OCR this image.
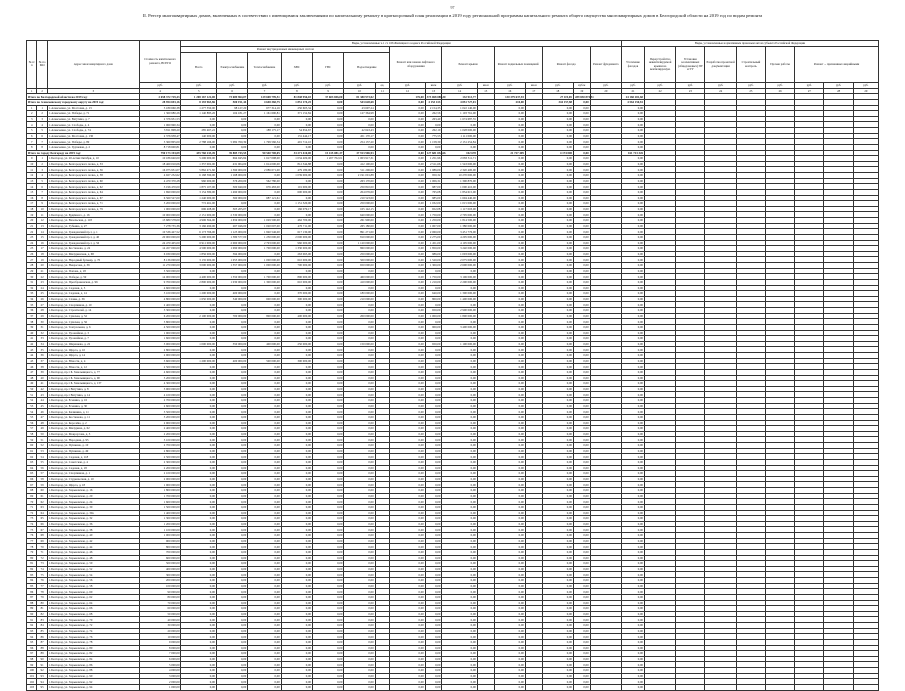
97
II. Реестр многоквартирных домов, включенных в соответствии с имеющимися заключениями по капитальному ремонту в краткосрочный план реализации в 2019 году региональной программы капитального ремонта общего имущества многоквартирных домов в Белгородской области на 2019 год по видам ремонта
№ п/п	№ по МО	Адрес многоквартирного дома	Стоимость капитального ремонта, ВСЕГО	Виды, установленные ч.1 ст. 166 Жилищного кодекса Российской Федерации																Виды, установленные нормативным правовым актом субъекта Российской Федерации								
				Ремонт внутридомовых инженерных систем							Ремонт или замена лифтового оборудования		Ремонт крыши		Ремонт подвальных помещений		Ремонт фасада		Ремонт фундамента	Утепление фасадов	Переустройство невентилируемой крыши на вентилируемую	Установка коллективных (общедомовых) ПУ и УУ	Разработка проектной документации	Строительный контроль	Прочие работы	Ремонт ... признанных аварийными		
				Всего	Электроснабжение	Теплоснабжение	ХВС	ГВС	Водоотведение																			
			руб.	руб.	руб.	руб.	руб.	руб.	руб.	ед.	руб.	кв.м	руб.	кв.м	руб.	кв.м	руб.	куб.м	руб.	руб.	руб.	руб.	руб.	руб.	руб.	руб.	руб.	руб.
1	2	3	4	5	6	7	8	9	10	11	12	13	14	15	16	17	18	19	20	21	22	23	24	25	26	27	28	29
Итого по Белгородской области на 2019 год:			2 658 372 729,43	1 208 167 122,00	73 689 964,07	129 608 799,51	81 848 956,03	37 603 696,00	81 380 973,02		176,00	373 068 088,30	132 913,77		130 379 637,93		27 119,69	289 830 874,51		24 160 281,60								
Итого по Алексеевскому городскому округу на 2019 год:			28 954 693,16	8 193 963,86	500 191,44	4 648 360,75	1 851 174,25	0,00	543 628,68		0,00	4 153 413	4 851 727,01		210,00		344 157,88	0,00		4 564 150,81								
1	1	г. Алексеевка, ул. Мостовая, д. 13	5 189 660,38	1 277 350,00	98 127,20	677 314,16	250 605,34	0,00	43 697,24		0,00	2 154,35	1 022 140,00		0,00		0,00	0,00		0,00								
2	2	г. Алексеевка, ул. Победы, д. 71	1 360 680,26	1 140 883,26	104 181,27	1 161 690,81	371 152,84	0,00	127 364,98		0,00	262,56	1 103 761,00		0,00		0,00	0,00		0,00								
3	3	г. Алексеевка, ул. Ватутина, д. 7	2 376 951,53	0,00	0,00	0,00	0,00	0,00	0,00		0,00	263,40	1 674 687,55		0,00		0,00	0,00		0,00								
4	4	г. Алексеевка, ул. Слободы, д. 4	1 060 990,34	0,00	0,00	0,00	0,00	0,00	0,00		0,00	0,00	0,00		0,00		0,00	0,00		0,00								
5	5	г. Алексеевка, ул. Слободы, д. 74	3 811 808,20	285 467,22	0,00	188 175,17	54 654,67	0,00	42 643,43		0,00	262,10	1 028 000,00		0,00		0,00	0,00		0,00								
6	6	г. Алексеевка, ул. Мостовая, д. 130	2 376 958,47	140 000,00	0,00	0,00	131 444,17	0,00	451 170,17		0,00	775,53	1 111 000,00		0,00		0,00	0,00		0,00								
7	7	г. Алексеевка, ул. Победы, д. 89	5 360 805,00	2 788 166,00	5 082 760,39	1 799 560,54	491 712,10	0,00	254 137,20		0,00	1 158,30	2 131 254,84		0,00		0,00	0,00		0,00								
8	8	г. Алексеевка, ул. Грушевая, д. 2	8 718 600,81	0,00	0,00	0,00	0,00	0,00	0,00		0,00	0,00	0,00		0,00		0,00	0,00		0,00								
Итого по городу Белгороду на 2019 год:			790 173 193,09	435 760 233,49	39 885 743,55	90 540 700,05	33 271 410,00	15 415 081,37	37 913 906,93		0,00	127 681 032,66	102 678		21 727 409		4 174 000	0,00		161 713 326								
9	1	г. Белгород, ул. 20-летия Октября, д. 10	10 186 640,00	5 206 000,00	694 945,84	1 617 098,00	1 034 409,00	1 207 702,01	1 003 917,31		0,00	1 251,96	2 083 511,71		0,00		0,00	0,00		0,00								
10	2	г. Белгород, ул. Белгородского полка, д. 33	18 460 010,06	1 357 002,00	431 904,00	1 614 000,00	812 344,88	0,00	412 100,00		0,00	2 511,66	1 543 000,00		0,00		0,00	0,00		0,00								
11	3	г. Белгород, ул. Белгородского полка, д. 56	16 075 951,07	5 862 471,60	1 390 000,00	2 086 671,00	479 180,00	0,00	511 206,00		0,00	1 086,00	2 320 400,00		0,00		0,00	0,00		0,00								
12	4	г. Белгород, ул. Белгородского полка, д. 58	4 927 252,62	6 168 590,00	1 168 000,00	0,00	1 039 000,00	0,00	2 191 001,88		0,00	950,32	10 270 000,00		0,00		0,00	0,00		0,00								
13	5	г. Белгород, ул. Белгородского полка, д. 60	4 470 370,28	960 000,00	576 200,00	562 780,00	0,00	0,00	263 170,00		0,00	1 006,31	1 300 870,00		0,00		0,00	0,00		0,00								
14	6	г. Белгород, ул. Белгородского полка, д. 62	3 196 470,00	1 875 107,00	500 940,00	676 483,00	101 000,00	0,00	250 810,00		0,00	987,00	1 000 410,00		0,00		0,00	0,00		0,00								
15	7	г. Белгород, ул. Белгородского полка, д. 64	1 690 000,00	3 154 580,00	1 490 000,00	0,00	600 000,00	0,00	204 076,00		0,00	765,08	1 854 615,00		0,00		0,00	0,00		0,00								
16	8	г. Белгород, ул. Белгородского полка, д. 67	6 560 527,00	1 240 000,00	560 000,00	687 121,61	0,00	0,00	210 523,00		0,00	985,00	1 604 440,00		0,00		0,00	0,00		0,00								
17	9	г. Белгород, ул. Белгородского полка, д. 71	3 200 000,00	772 461,00	0,00	0,00	1 151 320,00	0,00	250 000,00		0,00	1 032,00	1 015 000,00		0,00		0,00	0,00		0,00								
18	10	г. Белгород, ул. Белгородского полка, д. 79	1 000 000,00	696 408,00	305 205,07	0,00	166 079,17	0,00	105 142,15		0,00	652,08	1 117 003,00		0,00		0,00	0,00		0,00								
19	11	г. Белгород, ул. Будённого, д. 16	10 000 000,00	2 151 000,00	2 530 000,00	0,00	0,00	0,00	640 000,00		0,00	1 750,00	2 705 000,00		0,00		0,00	0,00		0,00								
20	12	г. Белгород, ул. Везельская, д. 118	13 680 578,00	4 906 564,00	1 659 000,00	1 029 500,00	462 700,00	0,00	261 900,00		0,00	1 250,00	1 814 500,00		0,00		0,00	0,00		0,00								
21	13	г. Белгород, ул. Губкина, д. 27	7 278 755,36	3 166 490,00	267 046,00	1 020 007,00	470 711,00	0,00	265 180,00		0,00	1 007,00	1 380 000,00		0,00		0,00	0,00		0,00								
22	14	г. Белгород, ул. Гражданский пр-т, д. 1	10 536 427,52	6 173 766,00	1 125 000,00	1 840 546,00	617 130,00	0,00	891 271,00		0,00	2 060,00	3 451 776,00		0,00		0,00	0,00		0,00								
23	15	г. Белгород, ул. Гражданский пр-т, д. 40	20 000 000,00	5 290 000,00	1 580 577,00	1 230 000,00	2 000 000,00	0,00	810 000,00		0,00	2 275,00	4 205 000,00		0,00		0,00	0,00		0,00								
24	16	г. Белгород, ул. Гражданский пр-т, д. 56	24 470 405,00	6 911 000,00	2 060 000,00	2 793 000,00	960 000,00	0,00	1 120 000,00		0,00	1 451,00	4 105 000,00		0,00		0,00	0,00		0,00								
25	17	г. Белгород, ул. Костюкова, д. 24	14 457 000,00	4 500 000,00	1 090 000,00	1 700 000,00	1 330 000,00	0,00	860 000,00		0,00	1 850,00	3 240 000,00		0,00		0,00	0,00		0,00								
26	18	г. Белгород, ул. Мичуринская, д. 68	6 030 000,00	1 856 000,00	594 000,00	0,00	263 065,00	0,00	250 000,00		0,00	986,00	1 003 000,00		0,00		0,00	0,00		0,00								
27	19	г. Белгород, ул. Народный бульвар, д. 70	8 136 000,00	3 135 000,00	1 055 000,00	1 000 000,00	610 000,00	0,00	500 000,00		0,00	1 520,00	2 075 000,00		0,00		0,00	0,00		0,00								
28	20	г. Белгород, ул. Некрасова, д. 36	11 270 000,00	3 000 000,00	1 357 000,00	1 000 000,00	700 000,00	0,00	650 000,00		0,00	1 300,00	2 600 000,00		0,00		0,00	0,00		0,00								
29	21	г. Белгород, ул. Попова, д. 18	5 500 000,00	0,00	0,00	0,00	0,00	0,00	0,00		0,00	0,00	0,00		0,00		0,00	0,00		0,00								
30	22	г. Белгород, ул. Победы, д. 59	14 000 000,00	4 400 000,00	1 350 000,00	1 700 000,00	890 000,00	0,00	460 000,00		0,00	1 750,00	3 106 000,00		0,00		0,00	0,00		0,00								
31	23	г. Белгород, ул. Преображенская, д. 96	9 700 000,00	2 800 000,00	1 030 000,00	1 300 000,00	610 000,00	0,00	410 000,00		0,00	1 210,00	2 200 000,00		0,00		0,00	0,00		0,00								
32	24	г. Белгород, ул. Садовая, д. 5	4 600 000,00	0,00	0,00	0,00	0,00	0,00	0,00		0,00	0,00	0,00		0,00		0,00	0,00		0,00								
33	25	г. Белгород, ул. Садовая, д. 14	3 100 000,00	1 200 000,00	400 000,00	0,00	370 000,00	0,00	180 000,00		0,00	640,00	1 300 000,00		0,00		0,00	0,00		0,00								
34	26	г. Белгород, ул. Славы, д. 36	4 800 000,00	1 650 000,00	540 000,00	600 000,00	300 000,00	0,00	210 000,00		0,00	800,00	1 400 000,00		0,00		0,00	0,00		0,00								
35	27	г. Белгород, ул. Спортивная, д. 10	2 400 000,00	0,00	0,00	0,00	0,00	0,00	0,00		0,00	0,00	0,00		0,00		0,00	0,00		0,00								
36	28	г. Белгород, ул. Строителей, д. 14	3 300 000,00	0,00	0,00	0,00	0,00	0,00	0,00		0,00	650,00	2 900 000,00		0,00		0,00	0,00		0,00								
37	29	г. Белгород, ул. Сумская, д. 52	6 200 000,00	2 100 000,00	700 000,00	800 000,00	400 000,00	0,00	200 000,00		0,00	1 000,00	1 800 000,00		0,00		0,00	0,00		0,00								
38	30	г. Белгород, ул. Сумская, д. 56	5 800 000,00	0,00	0,00	0,00	0,00	0,00	0,00		0,00	0,00	0,00		0,00		0,00	0,00		0,00								
39	31	г. Белгород, ул. Театральная, д. 6	4 500 000,00	0,00	0,00	0,00	0,00	0,00	0,00		0,00	900,00	3 400 000,00		0,00		0,00	0,00		0,00								
40	32	г. Белгород, ул. Урожайная, д. 3	1 900 000,00	0,00	0,00	0,00	0,00	0,00	0,00		0,00	0,00	0,00		0,00		0,00	0,00		0,00								
41	33	г. Белгород, ул. Урожайная, д. 7	1 600 000,00	0,00	0,00	0,00	0,00	0,00	0,00		0,00	0,00	0,00		0,00		0,00	0,00		0,00								
42	34	г. Белгород, ул. Шершнева, д. 22	3 000 000,00	1 000 000,00	350 000,00	400 000,00	250 000,00	0,00	150 000,00		0,00	650,00	1 100 000,00		0,00		0,00	0,00		0,00								
43	35	г. Белгород, ул. Щорса, д. 10	2 800 000,00	0,00	0,00	0,00	0,00	0,00	0,00		0,00	0,00	0,00		0,00		0,00	0,00		0,00								
44	36	г. Белгород, ул. Щорса, д. 14	2 900 000,00	0,00	0,00	0,00	0,00	0,00	0,00		0,00	0,00	0,00		0,00		0,00	0,00		0,00								
45	37	г. Белгород, ул. Юности, д. 4	3 600 000,00	1 200 000,00	400 000,00	500 000,00	300 000,00	0,00	0,00		0,00	0,00	0,00		0,00		0,00	0,00		0,00								
46	38	г. Белгород, ул. Юности, д. 12	2 500 000,00	0,00	0,00	0,00	0,00	0,00	0,00		0,00	0,00	0,00		0,00		0,00	0,00		0,00								
47	39	г. Белгород, пр-т Б. Хмельницкого, д. 77	4 600 000,00	0,00	0,00	0,00	0,00	0,00	0,00		0,00	0,00	0,00		0,00		0,00	0,00		0,00								
48	40	г. Белгород, пр-т Б. Хмельницкого, д. 90	5 200 000,00	0,00	0,00	0,00	0,00	0,00	0,00		0,00	0,00	0,00		0,00		0,00	0,00		0,00								
49	41	г. Белгород, пр-т Б. Хмельницкого, д. 137	4 300 000,00	0,00	0,00	0,00	0,00	0,00	0,00		0,00	0,00	0,00		0,00		0,00	0,00		0,00								
50	42	г. Белгород, пр-т Ватутина, д. 8	3 900 000,00	0,00	0,00	0,00	0,00	0,00	0,00		0,00	0,00	0,00		0,00		0,00	0,00		0,00								
51	43	г. Белгород, пр-т Ватутина, д. 14	4 100 000,00	0,00	0,00	0,00	0,00	0,00	0,00		0,00	0,00	0,00		0,00		0,00	0,00		0,00								
52	44	г. Белгород, ул. Есенина, д. 16	2 700 000,00	0,00	0,00	0,00	0,00	0,00	0,00		0,00	0,00	0,00		0,00		0,00	0,00		0,00								
53	45	г. Белгород, ул. Есенина, д. 30	2 600 000,00	0,00	0,00	0,00	0,00	0,00	0,00		0,00	0,00	0,00		0,00		0,00	0,00		0,00								
54	46	г. Белгород, ул. Калинина, д. 11	3 500 000,00	0,00	0,00	0,00	0,00	0,00	0,00		0,00	0,00	0,00		0,00		0,00	0,00		0,00								
55	47	г. Белгород, ул. Костюкова, д. 11	3 200 000,00	0,00	0,00	0,00	0,00	0,00	0,00		0,00	0,00	0,00		0,00		0,00	0,00		0,00								
56	48	г. Белгород, ул. Королёва, д. 2	2 900 000,00	0,00	0,00	0,00	0,00	0,00	0,00		0,00	0,00	0,00		0,00		0,00	0,00		0,00								
57	49	г. Белгород, ул. Мичурина, д. 62	2 400 000,00	0,00	0,00	0,00	0,00	0,00	0,00		0,00	0,00	0,00		0,00		0,00	0,00		0,00								
58	50	г. Белгород, ул. Мокроусова, д. 3	2 200 000,00	0,00	0,00	0,00	0,00	0,00	0,00		0,00	0,00	0,00		0,00		0,00	0,00		0,00								
59	51	г. Белгород, ул. Народная, д. 95	3 100 000,00	0,00	0,00	0,00	0,00	0,00	0,00		0,00	0,00	0,00		0,00		0,00	0,00		0,00								
60	52	г. Белгород, ул. Пушкина, д. 10	2 700 000,00	0,00	0,00	0,00	0,00	0,00	0,00		0,00	0,00	0,00		0,00		0,00	0,00		0,00								
61	53	г. Белгород, ул. Пушкина, д. 49	2 800 000,00	0,00	0,00	0,00	0,00	0,00	0,00		0,00	0,00	0,00		0,00		0,00	0,00		0,00								
62	54	г. Белгород, ул. Садовая, д. 118	2 500 000,00	0,00	0,00	0,00	0,00	0,00	0,00		0,00	0,00	0,00		0,00		0,00	0,00		0,00								
63	55	г. Белгород, ул. Советская, д. 4	2 300 000,00	0,00	0,00	0,00	0,00	0,00	0,00		0,00	0,00	0,00		0,00		0,00	0,00		0,00								
64	56	г. Белгород, ул. Садовая, д. 18	2 200 000,00	0,00	0,00	0,00	0,00	0,00	0,00		0,00	0,00	0,00		0,00		0,00	0,00		0,00								
65	57	г. Белгород, ул. Спортивная, д. 1	2 100 000,00	0,00	0,00	0,00	0,00	0,00	0,00		0,00	0,00	0,00		0,00		0,00	0,00		0,00								
66	58	г. Белгород, ул. Студенческая, д. 10	2 000 000,00	0,00	0,00	0,00	0,00	0,00	0,00		0,00	0,00	0,00		0,00		0,00	0,00		0,00								
67	59	г. Белгород, ул. Щорса, д. 18	1 900 000,00	0,00	0,00	0,00	0,00	0,00	0,00		0,00	0,00	0,00		0,00		0,00	0,00		0,00								
68	60	г. Белгород, ул. Харьковская, д. 16	1 800 000,00	0,00	0,00	0,00	0,00	0,00	0,00		0,00	0,00	0,00		0,00		0,00	0,00		0,00								
69	61	г. Белгород, ул. Харьковская, д. 20	1 700 000,00	0,00	0,00	0,00	0,00	0,00	0,00		0,00	0,00	0,00		0,00		0,00	0,00		0,00								
70	62	г. Белгород, ул. Харьковская, д. 24	1 600 000,00	0,00	0,00	0,00	0,00	0,00	0,00		0,00	0,00	0,00		0,00		0,00	0,00		0,00								
71	63	г. Белгород, ул. Харьковская, д. 30	1 500 000,00	0,00	0,00	0,00	0,00	0,00	0,00		0,00	0,00	0,00		0,00		0,00	0,00		0,00								
72	64	г. Белгород, ул. Харьковская, д. 30а	1 400 000,00	0,00	0,00	0,00	0,00	0,00	0,00		0,00	0,00	0,00		0,00		0,00	0,00		0,00								
73	65	г. Белгород, ул. Харьковская, д. 32	1 300 000,00	0,00	0,00	0,00	0,00	0,00	0,00		0,00	0,00	0,00		0,00		0,00	0,00		0,00								
74	66	г. Белгород, ул. Харьковская, д. 36	1 200 000,00	0,00	0,00	0,00	0,00	0,00	0,00		0,00	0,00	0,00		0,00		0,00	0,00		0,00								
75	67	г. Белгород, ул. Харьковская, д. 38	1 100 000,00	0,00	0,00	0,00	0,00	0,00	0,00		0,00	0,00	0,00		0,00		0,00	0,00		0,00								
76	68	г. Белгород, ул. Харьковская, д. 40	1 000 000,00	0,00	0,00	0,00	0,00	0,00	0,00		0,00	0,00	0,00		0,00		0,00	0,00		0,00								
77	69	г. Белгород, ул. Харьковская, д. 42	900 000,00	0,00	0,00	0,00	0,00	0,00	0,00		0,00	0,00	0,00		0,00		0,00	0,00		0,00								
78	70	г. Белгород, ул. Харьковская, д. 44	800 000,00	0,00	0,00	0,00	0,00	0,00	0,00		0,00	0,00	0,00		0,00		0,00	0,00		0,00								
79	71	г. Белгород, ул. Харьковская, д. 46	700 000,00	0,00	0,00	0,00	0,00	0,00	0,00		0,00	0,00	0,00		0,00		0,00	0,00		0,00								
80	72	г. Белгород, ул. Харьковская, д. 48	600 000,00	0,00	0,00	0,00	0,00	0,00	0,00		0,00	0,00	0,00		0,00		0,00	0,00		0,00								
81	73	г. Белгород, ул. Харьковская, д. 50	500 000,00	0,00	0,00	0,00	0,00	0,00	0,00		0,00	0,00	0,00		0,00		0,00	0,00		0,00								
82	74	г. Белгород, ул. Харьковская, д. 52	400 000,00	0,00	0,00	0,00	0,00	0,00	0,00		0,00	0,00	0,00		0,00		0,00	0,00		0,00								
83	75	г. Белгород, ул. Харьковская, д. 54	300 000,00	0,00	0,00	0,00	0,00	0,00	0,00		0,00	0,00	0,00		0,00		0,00	0,00		0,00								
84	76	г. Белгород, ул. Харьковская, д. 56	200 000,00	0,00	0,00	0,00	0,00	0,00	0,00		0,00	0,00	0,00		0,00		0,00	0,00		0,00								
85	77	г. Белгород, ул. Харьковская, д. 58	100 000,00	0,00	0,00	0,00	0,00	0,00	0,00		0,00	0,00	0,00		0,00		0,00	0,00		0,00								
86	78	г. Белгород, ул. Харьковская, д. 60	90 000,00	0,00	0,00	0,00	0,00	0,00	0,00		0,00	0,00	0,00		0,00		0,00	0,00		0,00								
87	79	г. Белгород, ул. Харьковская, д. 62	80 000,00	0,00	0,00	0,00	0,00	0,00	0,00		0,00	0,00	0,00		0,00		0,00	0,00		0,00								
88	80	г. Белгород, ул. Харьковская, д. 64	70 000,00	0,00	0,00	0,00	0,00	0,00	0,00		0,00	0,00	0,00		0,00		0,00	0,00		0,00								
89	81	г. Белгород, ул. Харьковская, д. 66	60 000,00	0,00	0,00	0,00	0,00	0,00	0,00		0,00	0,00	0,00		0,00		0,00	0,00		0,00								
90	82	г. Белгород, ул. Харьковская, д. 68	50 000,00	0,00	0,00	0,00	0,00	0,00	0,00		0,00	0,00	0,00		0,00		0,00	0,00		0,00								
91	83	г. Белгород, ул. Харьковская, д. 70	40 000,00	0,00	0,00	0,00	0,00	0,00	0,00		0,00	0,00	0,00		0,00		0,00	0,00		0,00								
92	84	г. Белгород, ул. Харьковская, д. 72	30 000,00	0,00	0,00	0,00	0,00	0,00	0,00		0,00	0,00	0,00		0,00		0,00	0,00		0,00								
93	85	г. Белгород, ул. Харьковская, д. 74	20 000,00	0,00	0,00	0,00	0,00	0,00	0,00		0,00	0,00	0,00		0,00		0,00	0,00		0,00								
94	86	г. Белгород, ул. Харьковская, д. 76	10 000,00	0,00	0,00	0,00	0,00	0,00	0,00		0,00	0,00	0,00		0,00		0,00	0,00		0,00								
95	87	г. Белгород, ул. Харьковская, д. 78	9 000,00	0,00	0,00	0,00	0,00	0,00	0,00		0,00	0,00	0,00		0,00		0,00	0,00		0,00								
96	88	г. Белгород, ул. Харьковская, д. 80	8 000,00	0,00	0,00	0,00	0,00	0,00	0,00		0,00	0,00	0,00		0,00		0,00	0,00		0,00								
97	89	г. Белгород, ул. Харьковская, д. 82	7 000,00	0,00	0,00	0,00	0,00	0,00	0,00		0,00	0,00	0,00		0,00		0,00	0,00		0,00								
98	90	г. Белгород, ул. Харьковская, д. 84	6 000,00	0,00	0,00	0,00	0,00	0,00	0,00		0,00	0,00	0,00		0,00		0,00	0,00		0,00								
99	91	г. Белгород, ул. Харьковская, д. 86	5 000,00	0,00	0,00	0,00	0,00	0,00	0,00		0,00	0,00	0,00		0,00		0,00	0,00		0,00								
100	92	г. Белгород, ул. Харьковская, д. 88	4 000,00	0,00	0,00	0,00	0,00	0,00	0,00		0,00	0,00	0,00		0,00		0,00	0,00		0,00								
101	93	г. Белгород, ул. Харьковская, д. 90	3 000,00	0,00	0,00	0,00	0,00	0,00	0,00		0,00	0,00	0,00		0,00		0,00	0,00		0,00								
102	94	г. Белгород, ул. Харьковская, д. 92	2 000,00	0,00	0,00	0,00	0,00	0,00	0,00		0,00	0,00	0,00		0,00		0,00	0,00		0,00								
103	95	г. Белгород, ул. Харьковская, д. 94	1 000,00	0,00	0,00	0,00	0,00	0,00	0,00		0,00	0,00	0,00		0,00		0,00	0,00		0,00								
